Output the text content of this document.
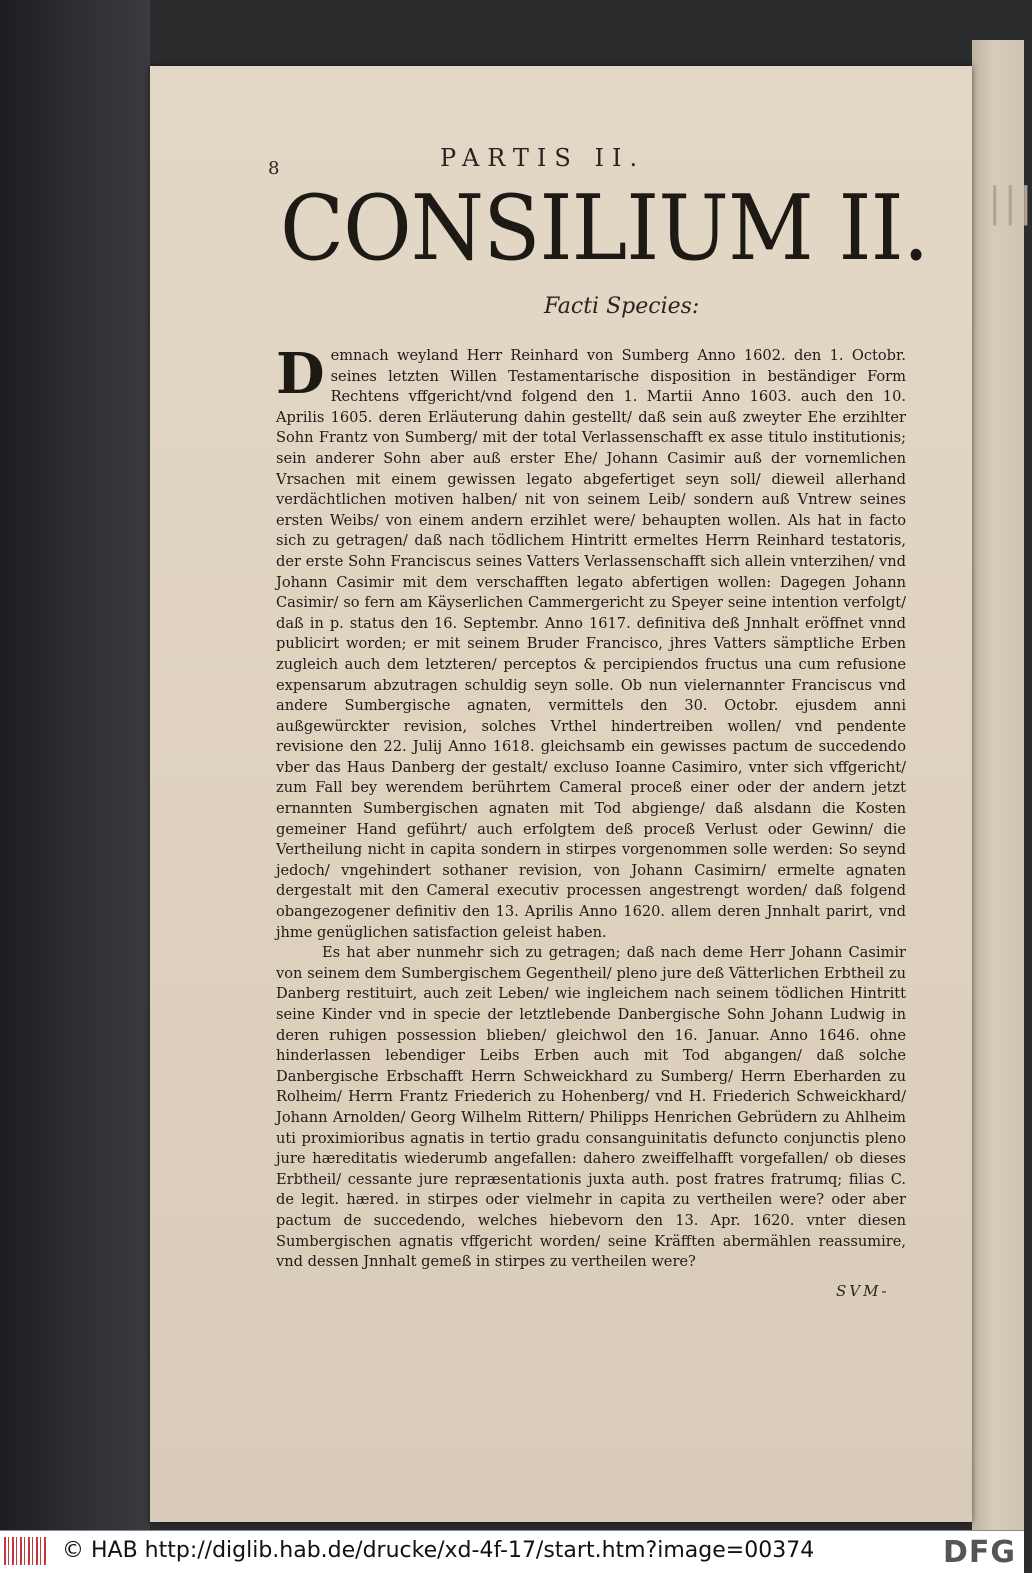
|||
8	PARTIS II.
CONSILIUM II.
Facti Species:

Demnach weyland Herr Reinhard von Sumberg Anno 1602. den 1. Octobr. seines letzten Willen Testamentarische disposition in beständiger Form Rechtens vffgericht/vnd folgend den 1. Martii Anno 1603. auch den 10. Aprilis 1605. deren Erläuterung dahin gestellt/ daß sein auß zweyter Ehe erzihlter Sohn Frantz von Sumberg/ mit der total Verlassenschafft ex asse titulo institutionis; sein anderer Sohn aber auß erster Ehe/ Johann Casimir auß der vornemlichen Vrsachen mit einem gewissen legato abgefertiget seyn soll/ dieweil allerhand verdächtlichen motiven halben/ nit von seinem Leib/ sondern auß Vntrew seines ersten Weibs/ von einem andern erzihlet were/ behaupten wollen. Als hat in facto sich zu getragen/ daß nach tödlichem Hintritt ermeltes Herrn Reinhard testatoris, der erste Sohn Franciscus seines Vatters Verlassenschafft sich allein vnterzihen/ vnd Johann Casimir mit dem verschafften legato abfertigen wollen: Dagegen Johann Casimir/ so fern am Käyserlichen Cammergericht zu Speyer seine intention verfolgt/ daß in p. status den 16. Septembr. Anno 1617. definitiva deß Jnnhalt eröffnet vnnd publicirt worden; er mit seinem Bruder Francisco, jhres Vatters sämptliche Erben zugleich auch dem letzteren/ perceptos & percipiendos fructus una cum refusione expensarum abzutragen schuldig seyn solle. Ob nun vielernannter Franciscus vnd andere Sumbergische agnaten, vermittels den 30. Octobr. ejusdem anni außgewürckter revision, solches Vrthel hindertreiben wollen/ vnd pendente revisione den 22. Julij Anno 1618. gleichsamb ein gewisses pactum de succedendo vber das Haus Danberg der gestalt/ excluso Ioanne Casimiro, vnter sich vffgericht/ zum Fall bey werendem berührtem Cameral proceß einer oder der andern jetzt ernannten Sumbergischen agnaten mit Tod abgienge/ daß alsdann die Kosten gemeiner Hand geführt/ auch erfolgtem deß proceß Verlust oder Gewinn/ die Vertheilung nicht in capita sondern in stirpes vorgenommen solle werden: So seynd jedoch/ vngehindert sothaner revision, von Johann Casimirn/ ermelte agnaten dergestalt mit den Cameral executiv processen angestrengt worden/ daß folgend obangezogener definitiv den 13. Aprilis Anno 1620. allem deren Jnnhalt parirt, vnd jhme genüglichen satisfaction geleist haben.

Es hat aber nunmehr sich zu getragen; daß nach deme Herr Johann Casimir von seinem dem Sumbergischem Gegentheil/ pleno jure deß Vätterlichen Erbtheil zu Danberg restituirt, auch zeit Leben/ wie ingleichem nach seinem tödlichen Hintritt seine Kinder vnd in specie der letztlebende Danbergische Sohn Johann Ludwig in deren ruhigen possession blieben/ gleichwol den 16. Januar. Anno 1646. ohne hinderlassen lebendiger Leibs Erben auch mit Tod abgangen/ daß solche Danbergische Erbschafft Herrn Schweickhard zu Sumberg/ Herrn Eberharden zu Rolheim/ Herrn Frantz Friederich zu Hohenberg/ vnd H. Friederich Schweickhard/ Johann Arnolden/ Georg Wilhelm Rittern/ Philipps Henrichen Gebrüdern zu Ahlheim uti proximioribus agnatis in tertio gradu consanguinitatis defuncto conjunctis pleno jure hæreditatis wiederumb angefallen: dahero zweiffelhafft vorgefallen/ ob dieses Erbtheil/ cessante jure repræsentationis juxta auth. post fratres fratrumq; filias C. de legit. hæred. in stirpes oder vielmehr in capita zu vertheilen were? oder aber pactum de succedendo, welches hiebevorn den 13. Apr. 1620. vnter diesen Sumbergischen agnatis vffgericht worden/ seine Kräfften abermählen reassumire, vnd dessen Jnnhalt gemeß in stirpes zu vertheilen were?

SVM-
© HAB http://diglib.hab.de/drucke/xd-4f-17/start.htm?image=00374	DFG
